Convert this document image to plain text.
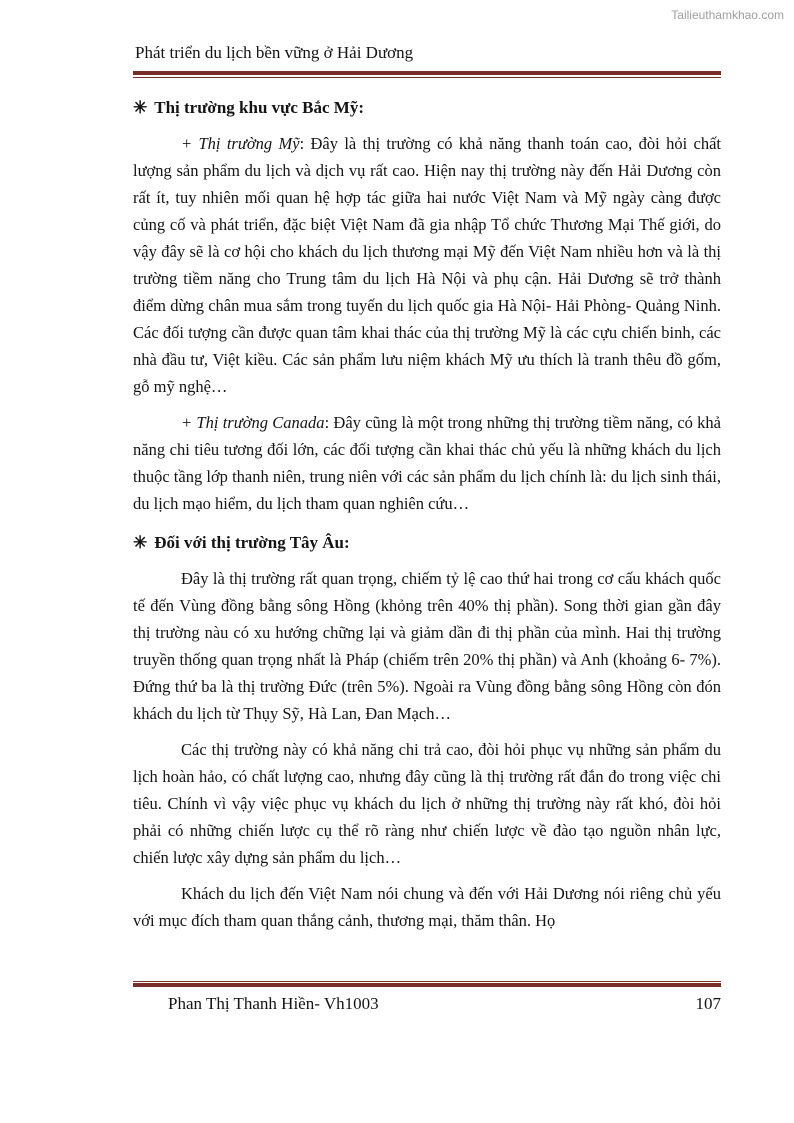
Tailieuthamkhao.com
Phát triển du lịch bền vững ở Hải Dương
✳ Thị trường khu vực Bắc Mỹ:

+ Thị trường Mỹ: Đây là thị trường có khả năng thanh toán cao, đòi hỏi chất lượng sản phẩm du lịch và dịch vụ rất cao. Hiện nay thị trường này đến Hải Dương còn rất ít, tuy nhiên mối quan hệ hợp tác giữa hai nước Việt Nam và Mỹ ngày càng được củng cố và phát triển, đặc biệt Việt Nam đã gia nhập Tổ chức Thương Mại Thế giới, do vậy đây sẽ là cơ hội cho khách du lịch thương mại Mỹ đến Việt Nam nhiều hơn và là thị trường tiềm năng cho Trung tâm du lịch Hà Nội và phụ cận. Hải Dương sẽ trở thành điểm dừng chân mua sắm trong tuyến du lịch quốc gia Hà Nội- Hải Phòng- Quảng Ninh. Các đối tượng cần được quan tâm khai thác của thị trường Mỹ là các cựu chiến binh, các nhà đầu tư, Việt kiều. Các sản phẩm lưu niệm khách Mỹ ưu thích là tranh thêu đồ gốm, gỗ mỹ nghệ…

+ Thị trường Canada: Đây cũng là một trong những thị trường tiềm năng, có khả năng chi tiêu tương đối lớn, các đối tượng cần khai thác chủ yếu là những khách du lịch thuộc tầng lớp thanh niên, trung niên với các sản phẩm du lịch chính là: du lịch sinh thái, du lịch mạo hiểm, du lịch tham quan nghiên cứu…

✳ Đối với thị trường Tây Âu:

Đây là thị trường rất quan trọng, chiếm tỷ lệ cao thứ hai trong cơ cấu khách quốc tế đến Vùng đồng bằng sông Hồng (khỏng trên 40% thị phần). Song thời gian gần đây thị trường nàu có xu hướng chững lại và giảm dần đi thị phần của mình. Hai thị trường truyền thống quan trọng nhất là Pháp (chiếm trên 20% thị phần) và Anh (khoảng 6- 7%). Đứng thứ ba là thị trường Đức (trên 5%). Ngoài ra Vùng đồng bằng sông Hồng còn đón khách du lịch từ Thụy Sỹ, Hà Lan, Đan Mạch…

Các thị trường này có khả năng chi trả cao, đòi hỏi phục vụ những sản phẩm du lịch hoàn hảo, có chất lượng cao, nhưng đây cũng là thị trường rất đắn đo trong việc chi tiêu. Chính vì vậy việc phục vụ khách du lịch ở những thị trường này rất khó, đòi hỏi phải có những chiến lược cụ thể rõ ràng như chiến lược về đào tạo nguồn nhân lực, chiến lược xây dựng sản phẩm du lịch…

Khách du lịch đến Việt Nam nói chung và đến với Hải Dương nói riêng chủ yếu với mục đích tham quan thắng cảnh, thương mại, thăm thân. Họ

Phan Thị Thanh Hiền- Vh1003	107
